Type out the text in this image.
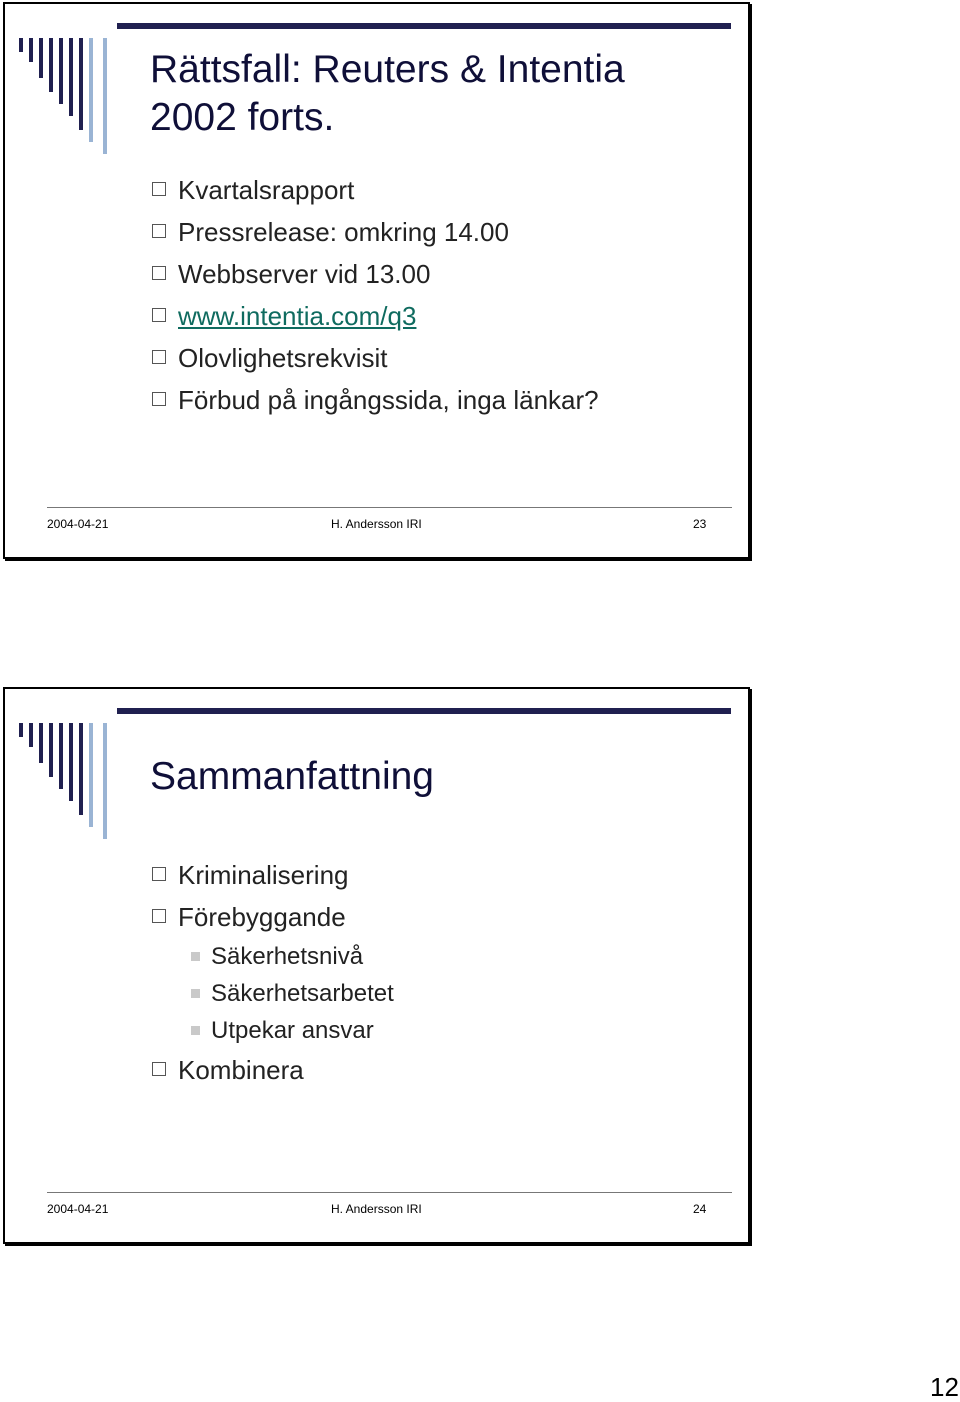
Rättsfall: Reuters & Intentia
2002 forts.
Kvartalsrapport
Pressrelease: omkring 14.00
Webbserver vid 13.00
www.intentia.com/q3
Olovlighetsrekvisit
Förbud på ingångssida, inga länkar?
2004-04-21	H. Andersson IRI	23
Sammanfattning
Kriminalisering
Förebyggande
Säkerhetsnivå
Säkerhetsarbetet
Utpekar ansvar
Kombinera
2004-04-21	H. Andersson IRI	24
12
